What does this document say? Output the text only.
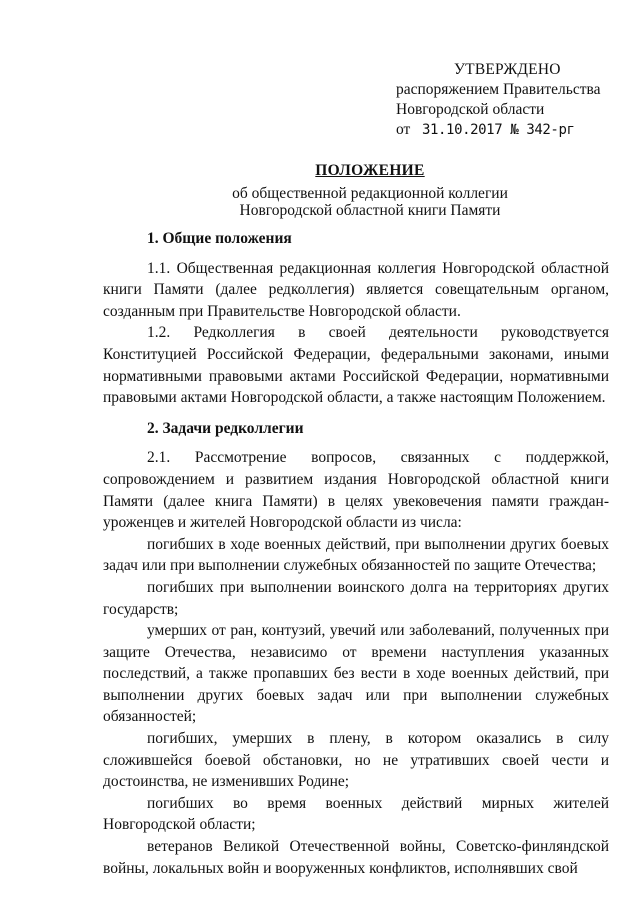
УТВЕРЖДЕНО
распоряжением Правительства
Новгородской области
от 31.10.2017 № 342-рг
ПОЛОЖЕНИЕ
об общественной редакционной коллегии
Новгородской областной книги Памяти
1. Общие положения

1.1. Общественная редакционная коллегия Новгородской областной книги Памяти (далее редколлегия) является совещательным органом, созданным при Правительстве Новгородской области.

1.2. Редколлегия в своей деятельности руководствуется Конституцией Российской Федерации, федеральными законами, иными нормативными правовыми актами Российской Федерации, нормативными правовыми актами Новгородской области, а также настоящим Положением.

2. Задачи редколлегии

2.1. Рассмотрение вопросов, связанных с поддержкой, сопровождением и развитием издания Новгородской областной книги Памяти (далее книга Памяти) в целях увековечения памяти граждан-уроженцев и жителей Новгородской области из числа:

погибших в ходе военных действий, при выполнении других боевых задач или при выполнении служебных обязанностей по защите Отечества;

погибших при выполнении воинского долга на территориях других государств;

умерших от ран, контузий, увечий или заболеваний, полученных при защите Отечества, независимо от времени наступления указанных последствий, а также пропавших без вести в ходе военных действий, при выполнении других боевых задач или при выполнении служебных обязанностей;

погибших, умерших в плену, в котором оказались в силу сложившейся боевой обстановки, но не утративших своей чести и достоинства, не изменивших Родине;

погибших во время военных действий мирных жителей Новгородской области;

ветеранов Великой Отечественной войны, Советско-финляндской войны, локальных войн и вооруженных конфликтов, исполнявших свой
